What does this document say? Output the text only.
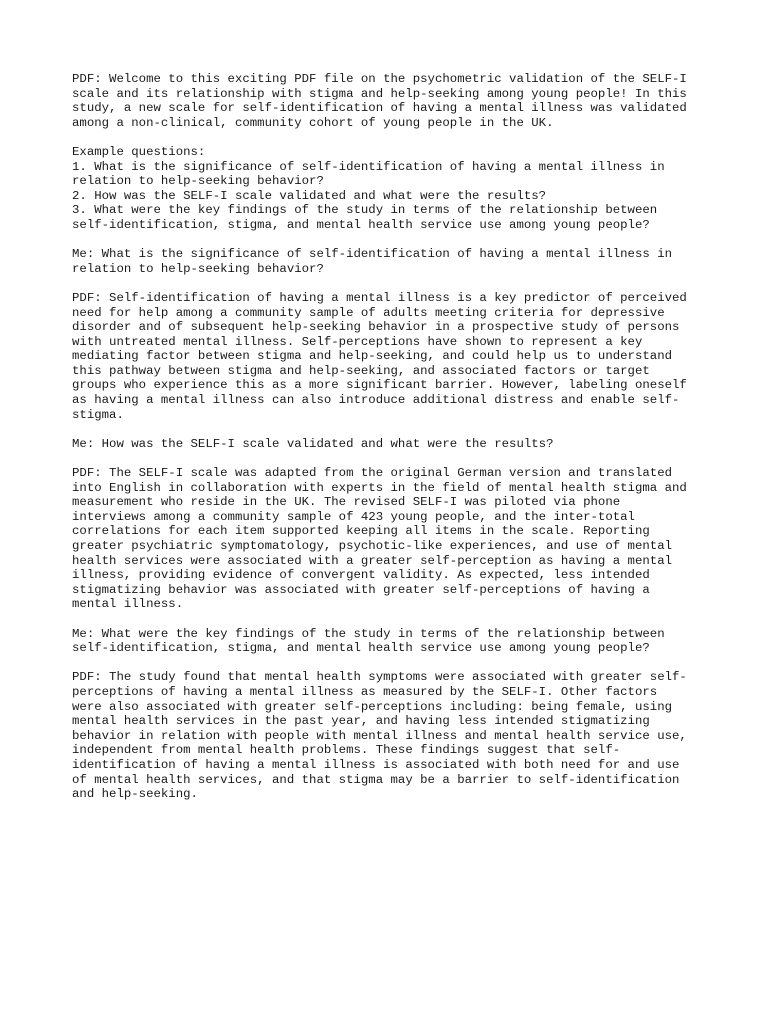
PDF: Welcome to this exciting PDF file on the psychometric validation of the SELF-I
scale and its relationship with stigma and help-seeking among young people! In this
study, a new scale for self-identification of having a mental illness was validated
among a non-clinical, community cohort of young people in the UK.
Example questions:
1. What is the significance of self-identification of having a mental illness in
relation to help-seeking behavior?
2. How was the SELF-I scale validated and what were the results?
3. What were the key findings of the study in terms of the relationship between
self-identification, stigma, and mental health service use among young people?
Me: What is the significance of self-identification of having a mental illness in
relation to help-seeking behavior?
PDF: Self-identification of having a mental illness is a key predictor of perceived
need for help among a community sample of adults meeting criteria for depressive
disorder and of subsequent help-seeking behavior in a prospective study of persons
with untreated mental illness. Self-perceptions have shown to represent a key
mediating factor between stigma and help-seeking, and could help us to understand
this pathway between stigma and help-seeking, and associated factors or target
groups who experience this as a more significant barrier. However, labeling oneself
as having a mental illness can also introduce additional distress and enable self-
stigma.
Me: How was the SELF-I scale validated and what were the results?
PDF: The SELF-I scale was adapted from the original German version and translated
into English in collaboration with experts in the field of mental health stigma and
measurement who reside in the UK. The revised SELF-I was piloted via phone
interviews among a community sample of 423 young people, and the inter-total
correlations for each item supported keeping all items in the scale. Reporting
greater psychiatric symptomatology, psychotic-like experiences, and use of mental
health services were associated with a greater self-perception as having a mental
illness, providing evidence of convergent validity. As expected, less intended
stigmatizing behavior was associated with greater self-perceptions of having a
mental illness.
Me: What were the key findings of the study in terms of the relationship between
self-identification, stigma, and mental health service use among young people?
PDF: The study found that mental health symptoms were associated with greater self-
perceptions of having a mental illness as measured by the SELF-I. Other factors
were also associated with greater self-perceptions including: being female, using
mental health services in the past year, and having less intended stigmatizing
behavior in relation with people with mental illness and mental health service use,
independent from mental health problems. These findings suggest that self-
identification of having a mental illness is associated with both need for and use
of mental health services, and that stigma may be a barrier to self-identification
and help-seeking.
